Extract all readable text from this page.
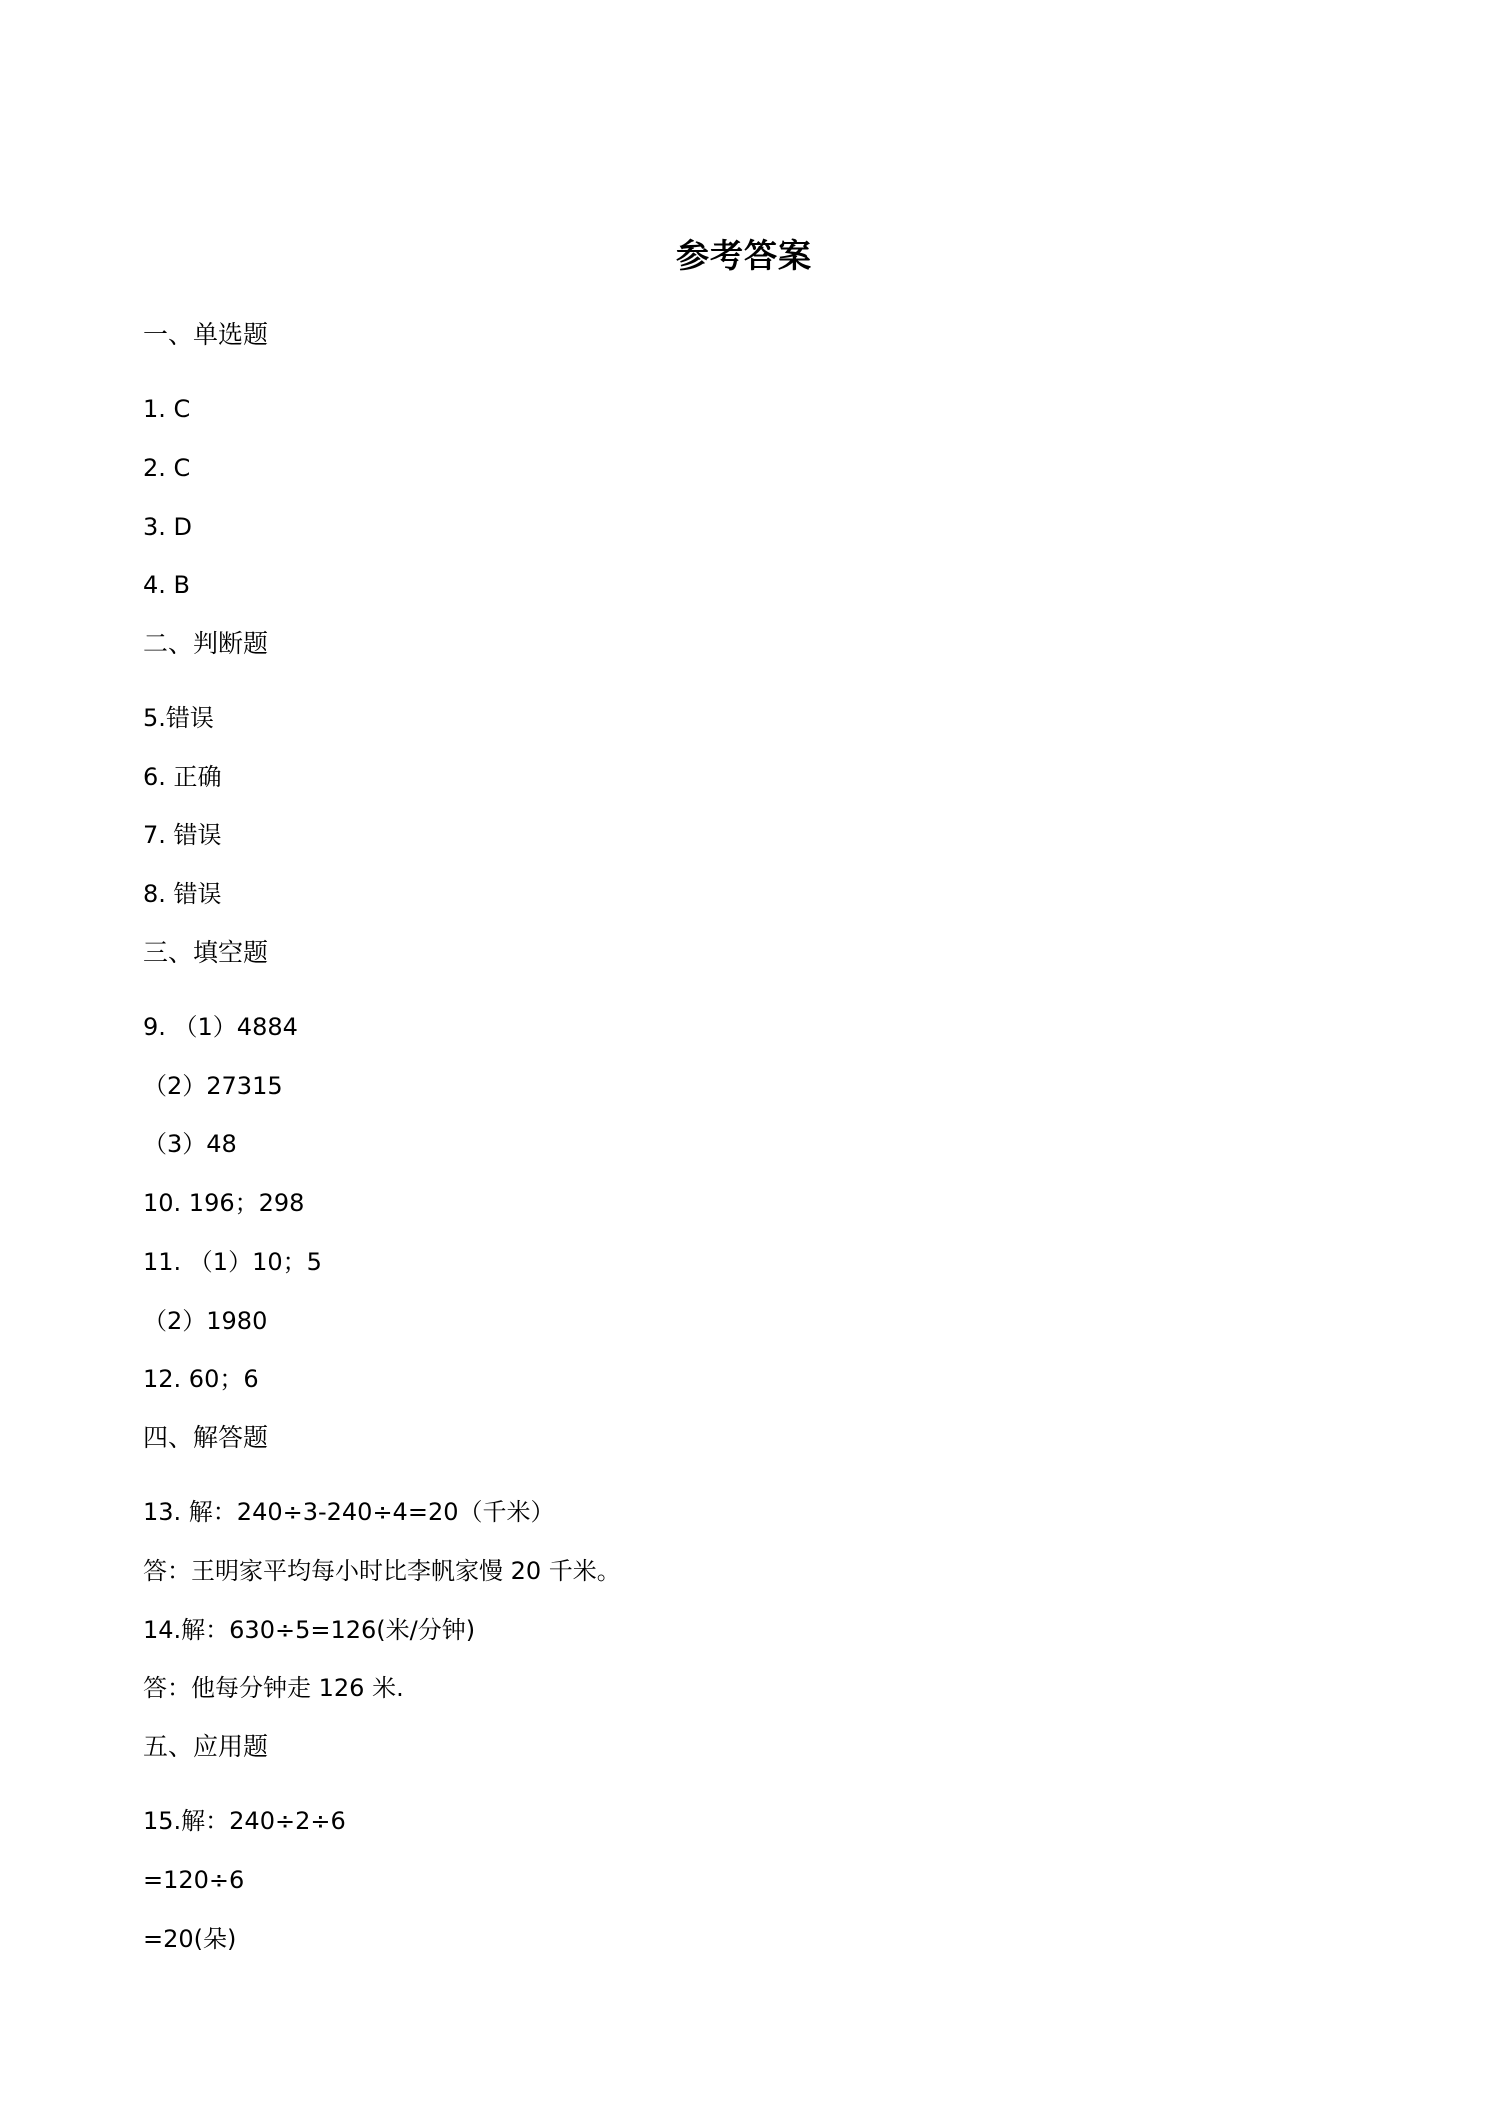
参考答案
一、单选题
1. C
2. C
3. D
4. B
二、判断题
5.错误
6. 正确
7. 错误
8. 错误
三、填空题
9. （1）4884
（2）27315
（3）48
10. 196；298
11. （1）10；5
（2）1980
12. 60；6
四、解答题
13. 解：240÷3-240÷4=20（千米）
答：王明家平均每小时比李帆家慢 20 千米。
14.解：630÷5=126(米/分钟)
答：他每分钟走 126 米.
五、应用题
15.解：240÷2÷6
=120÷6
=20(朵)
